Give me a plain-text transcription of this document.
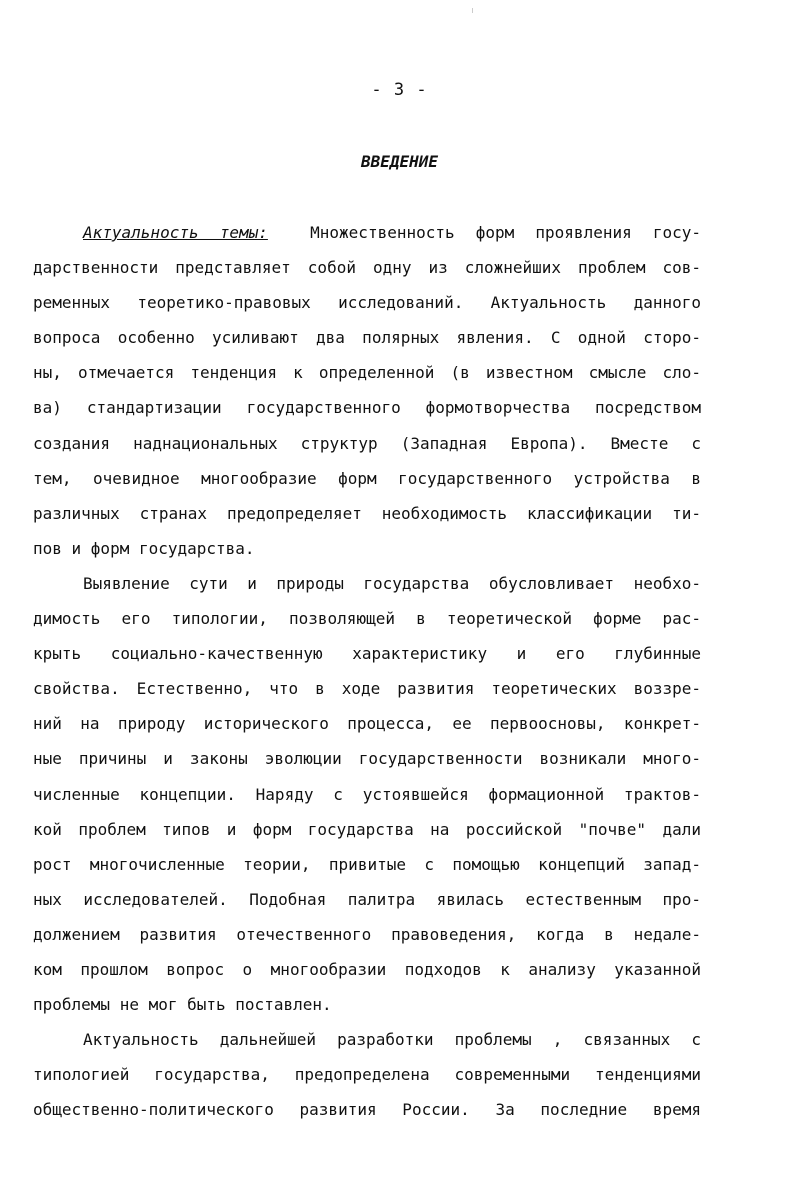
- 3 -
ВВЕДЕНИЕ
Актуальность темы:	Множественность форм проявления госу-
дарственности представляет собой одну из сложнейших проблем сов-
ременных теоретико-правовых исследований. Актуальность данного
вопроса особенно усиливают два полярных явления. С одной сторо-
ны, отмечается тенденция к определенной (в известном смысле сло-
ва) стандартизации государственного формотворчества посредством
создания наднациональных структур (Западная Европа). Вместе с
тем, очевидное многообразие форм государственного устройства в
различных странах предопределяет необходимость классификации ти-
пов и форм государства.
Выявление сути и природы государства обусловливает необхо-
димость его типологии, позволяющей в теоретической форме рас-
крыть социально-качественную характеристику и его глубинные
свойства. Естественно, что в ходе развития теоретических воззре-
ний на природу исторического процесса, ее первоосновы, конкрет-
ные причины и законы эволюции государственности возникали много-
численные концепции. Наряду с устоявшейся формационной трактов-
кой проблем типов и форм государства на российской "почве" дали
рост многочисленные теории, привитые с помощью концепций запад-
ных исследователей. Подобная палитра явилась естественным про-
должением развития отечественного правоведения, когда в недале-
ком прошлом вопрос о многообразии подходов к анализу указанной
проблемы не мог быть поставлен.
Актуальность дальнейшей разработки проблемы , связанных с
типологией государства, предопределена современными тенденциями
общественно-политического развития России. За последние время
